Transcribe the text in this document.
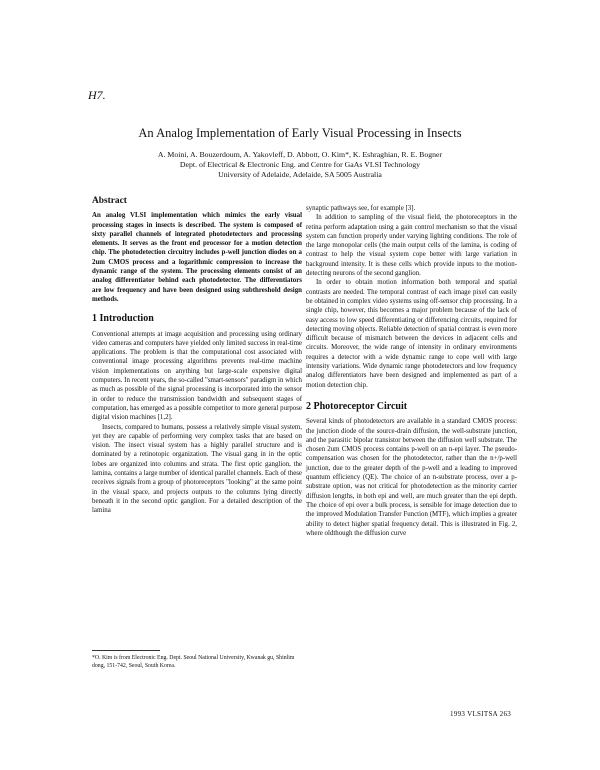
H7.
An Analog Implementation of Early Visual Processing in Insects
A. Moini, A. Bouzerdoum, A. Yakovleff, D. Abbott, O. Kim*, K. Eshraghian, R. E. Bogner
Dept. of Electrical & Electronic Eng. and Centre for GaAs VLSI Technology
University of Adelaide, Adelaide, SA 5005 Australia
Abstract

An analog VLSI implementation which mimics the early visual processing stages in insects is described. The system is composed of sixty parallel channels of integrated photodetectors and processing elements. It serves as the front end processor for a motion detection chip. The photodetection circuitry includes p-well junction diodes on a 2um CMOS process and a logarithmic compression to increase the dynamic range of the system. The processing elements consist of an analog differentiator behind each photodetector. The differentiators are low frequency and have been designed using subthreshold design methods.

1 Introduction

Conventional attempts at image acquisition and processing using ordinary video cameras and computers have yielded only limited success in real-time applications. The problem is that the computational cost associated with conventional image processing algorithms prevents real-time machine vision implementations on anything but large-scale expensive digital computers. In recent years, the so-called "smart-sensors" paradigm in which as much as possible of the signal processing is incorporated into the sensor in order to reduce the transmission bandwidth and subsequent stages of computation, has emerged as a possible competitor to more general purpose digital vision machines [1,2].

Insects, compared to humans, possess a relatively simple visual system, yet they are capable of performing very complex tasks that are based on vision. The insect visual system has a highly parallel structure and is dominated by a retinotopic organization. The visual gang in in the optic lobes are organized into columns and strata. The first optic ganglion, the lamina, contains a large number of identical parallel channels. Each of these receives signals from a group of photoreceptors "looking" at the same point in the visual space, and projects outputs to the columns lying directly beneath it in the second optic ganglion. For a detailed description of the lamina

synaptic pathways see, for example [3].

In addition to sampling of the visual field, the photoreceptors in the retina perform adaptation using a gain control mechanism so that the visual system can function properly under varying lighting conditions. The role of the large monopolar cells (the main output cells of the lamina, is coding of contrast to help the visual system cope better with large variation in background intensity. It is these cells which provide inputs to the motion-detecting neurons of the second ganglion.

In order to obtain motion information both temporal and spatial contrasts are needed. The temporal contrast of each image pixel can easily be obtained in complex video systems using off-sensor chip processing. In a single chip, however, this becomes a major problem because of the lack of easy access to low speed differentiating or differencing circuits, required for detecting moving objects. Reliable detection of spatial contrast is even more difficult because of mismatch between the devices in adjacent cells and circuits. Moreover, the wide range of intensity in ordinary environments requires a detector with a wide dynamic range to cope well with large intensity variations. Wide dynamic range photodetectors and low frequency analog differentiators have been designed and implemented as part of a motion detection chip.

2 Photoreceptor Circuit

Several kinds of photodetectors are available in a standard CMOS process: the junction diode of the source-drain diffusion, the well-substrate junction, and the parasitic bipolar transistor between the diffusion well substrate. The chosen 2um CMOS process contains p-well on an n-epi layer. The pseudo-compensation was chosen for the photodetector, rather than the n+/p-well junction, due to the greater depth of the p-well and a leading to improved quantum efficiency (QE). The choice of an n-substrate process, over a p-substrate option, was not critical for photodetection as the minority carrier diffusion lengths, in both epi and well, are much greater than the epi depth. The choice of epi over a bulk process, is sensible for image detection due to the improved Modulation Transfer Function (MTF), which implies a greater ability to detect higher spatial frequency detail. This is illustrated in Fig. 2, where oldthough the diffusion curve

*O. Kim is from Electronic Eng. Dept. Seoul National University, Kwanak gu, Shinlim dong, 151-742, Seoul, South Korea.
1993 VLSITSA 263
